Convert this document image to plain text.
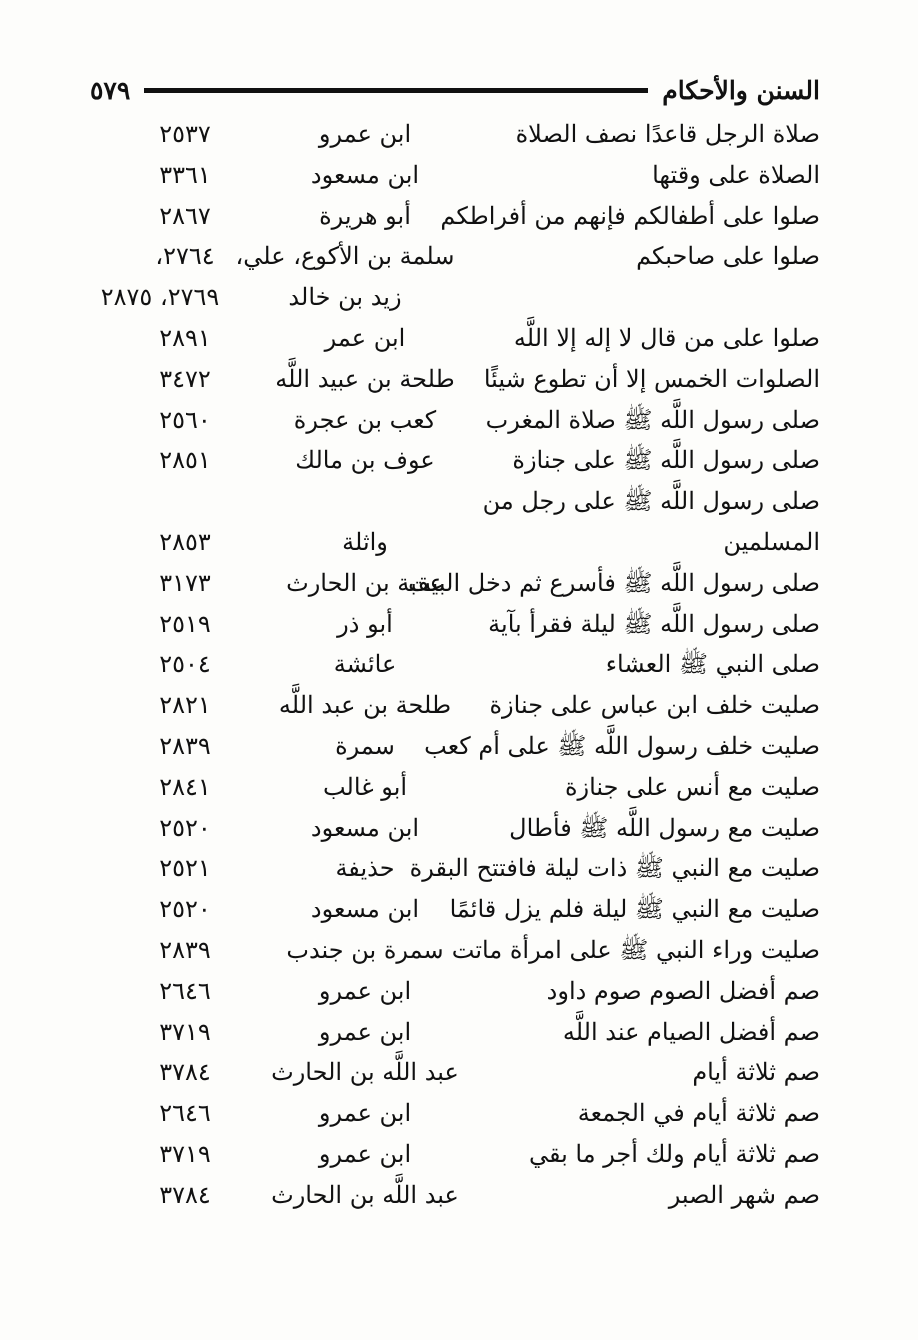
السنن والأحكام
٥٧٩
صلاة الرجل قاعدًا نصف الصلاة
ابن عمرو
٢٥٣٧
الصلاة على وقتها
ابن مسعود
٣٣٦١
صلوا على أطفالكم فإنهم من أفراطكم
أبو هريرة
٢٨٦٧
صلوا على صاحبكم
سلمة بن الأكوع، علي،
٢٧٦٤،
زيد بن خالد
٢٧٦٩، ٢٨٧٥
صلوا على من قال لا إله إلا اللَّه
ابن عمر
٢٨٩١
الصلوات الخمس إلا أن تطوع شيئًا
طلحة بن عبيد اللَّه
٣٤٧٢
صلى رسول اللَّه ﷺ صلاة المغرب
كعب بن عجرة
٢٥٦٠
صلى رسول اللَّه ﷺ على جنازة
عوف بن مالك
٢٨٥١
صلى رسول اللَّه ﷺ على رجل من
المسلمين
واثلة
٢٨٥٣
صلى رسول اللَّه ﷺ فأسرع ثم دخل البيت
عقبة بن الحارث
٣١٧٣
صلى رسول اللَّه ﷺ ليلة فقرأ بآية
أبو ذر
٢٥١٩
صلى النبي ﷺ العشاء
عائشة
٢٥٠٤
صليت خلف ابن عباس على جنازة
طلحة بن عبد اللَّه
٢٨٢١
صليت خلف رسول اللَّه ﷺ على أم كعب
سمرة
٢٨٣٩
صليت مع أنس على جنازة
أبو غالب
٢٨٤١
صليت مع رسول اللَّه ﷺ فأطال
ابن مسعود
٢٥٢٠
صليت مع النبي ﷺ ذات ليلة فافتتح البقرة
حذيفة
٢٥٢١
صليت مع النبي ﷺ ليلة فلم يزل قائمًا
ابن مسعود
٢٥٢٠
صليت وراء النبي ﷺ على امرأة ماتت
سمرة بن جندب
٢٨٣٩
صم أفضل الصوم صوم داود
ابن عمرو
٢٦٤٦
صم أفضل الصيام عند اللَّه
ابن عمرو
٣٧١٩
صم ثلاثة أيام
عبد اللَّه بن الحارث
٣٧٨٤
صم ثلاثة أيام في الجمعة
ابن عمرو
٢٦٤٦
صم ثلاثة أيام ولك أجر ما بقي
ابن عمرو
٣٧١٩
صم شهر الصبر
عبد اللَّه بن الحارث
٣٧٨٤
